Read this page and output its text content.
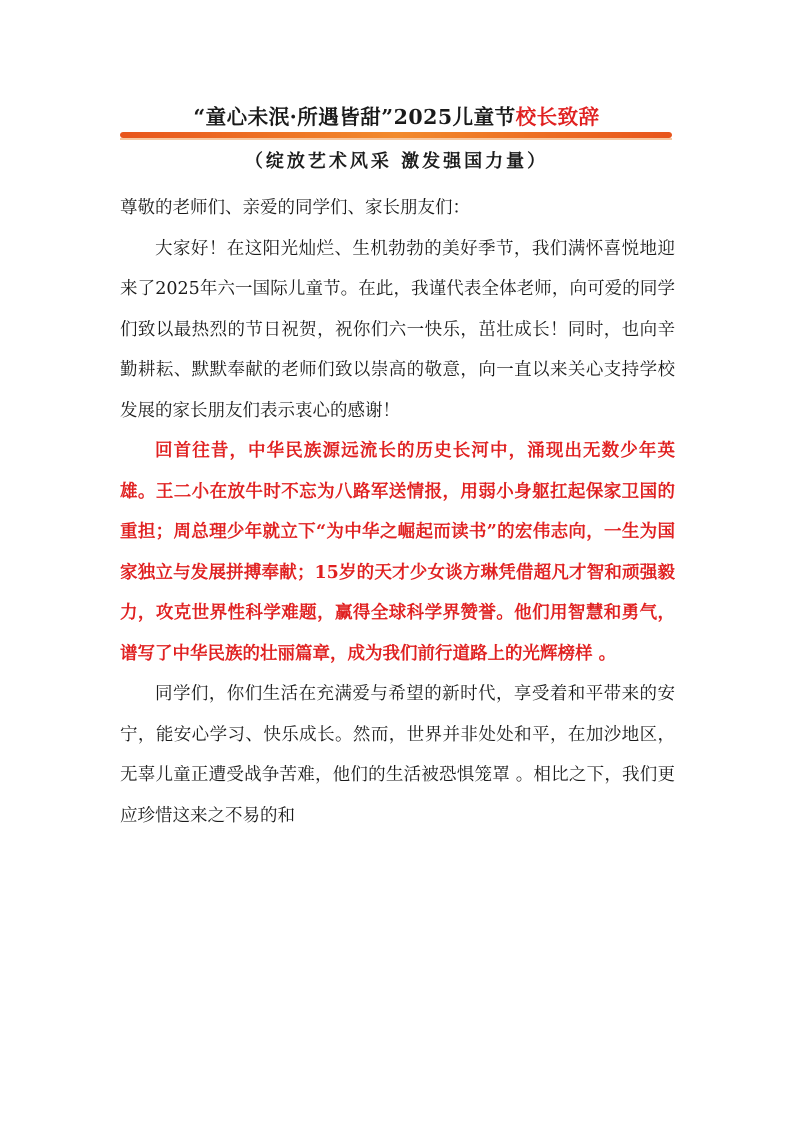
“童心未泯·所遇皆甜”2025儿童节校长致辞
（绽放艺术风采 激发强国力量）

尊敬的老师们、亲爱的同学们、家长朋友们：

大家好！在这阳光灿烂、生机勃勃的美好季节，我们满怀喜悦地迎来了2025年六一国际儿童节。在此，我谨代表全体老师，向可爱的同学们致以最热烈的节日祝贺，祝你们六一快乐，茁壮成长！同时，也向辛勤耕耘、默默奉献的老师们致以崇高的敬意，向一直以来关心支持学校发展的家长朋友们表示衷心的感谢！

回首往昔，中华民族源远流长的历史长河中，涌现出无数少年英雄。王二小在放牛时不忘为八路军送情报，用弱小身躯扛起保家卫国的重担；周总理少年就立下“为中华之崛起而读书”的宏伟志向，一生为国家独立与发展拼搏奉献；15岁的天才少女谈方琳凭借超凡才智和顽强毅力，攻克世界性科学难题，赢得全球科学界赞誉。他们用智慧和勇气，谱写了中华民族的壮丽篇章，成为我们前行道路上的光辉榜样 。

同学们，你们生活在充满爱与希望的新时代，享受着和平带来的安宁，能安心学习、快乐成长。然而，世界并非处处和平，在加沙地区，无辜儿童正遭受战争苦难，他们的生活被恐惧笼罩 。相比之下，我们更应珍惜这来之不易的和
